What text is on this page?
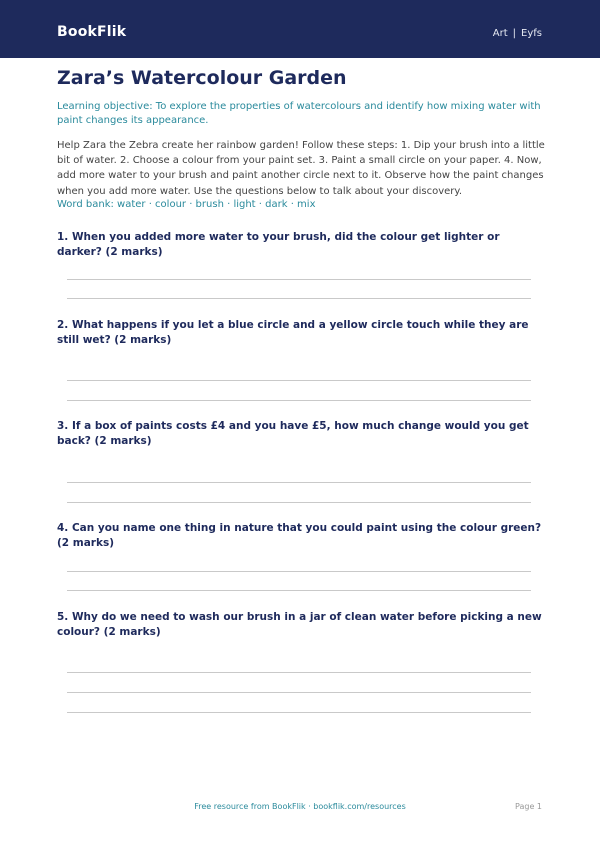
BookFlik	Art | Eyfs
Zara’s Watercolour Garden
Learning objective: To explore the properties of watercolours and identify how mixing water with paint changes its appearance.
Help Zara the Zebra create her rainbow garden! Follow these steps: 1. Dip your brush into a little bit of water. 2. Choose a colour from your paint set. 3. Paint a small circle on your paper. 4. Now, add more water to your brush and paint another circle next to it. Observe how the paint changes when you add more water. Use the questions below to talk about your discovery.
Word bank: water · colour · brush · light · dark · mix
1. When you added more water to your brush, did the colour get lighter or darker? (2 marks)
2. What happens if you let a blue circle and a yellow circle touch while they are still wet? (2 marks)
3. If a box of paints costs £4 and you have £5, how much change would you get back? (2 marks)
4. Can you name one thing in nature that you could paint using the colour green? (2 marks)
5. Why do we need to wash our brush in a jar of clean water before picking a new colour? (2 marks)
Free resource from BookFlik · bookflik.com/resources	Page 1
